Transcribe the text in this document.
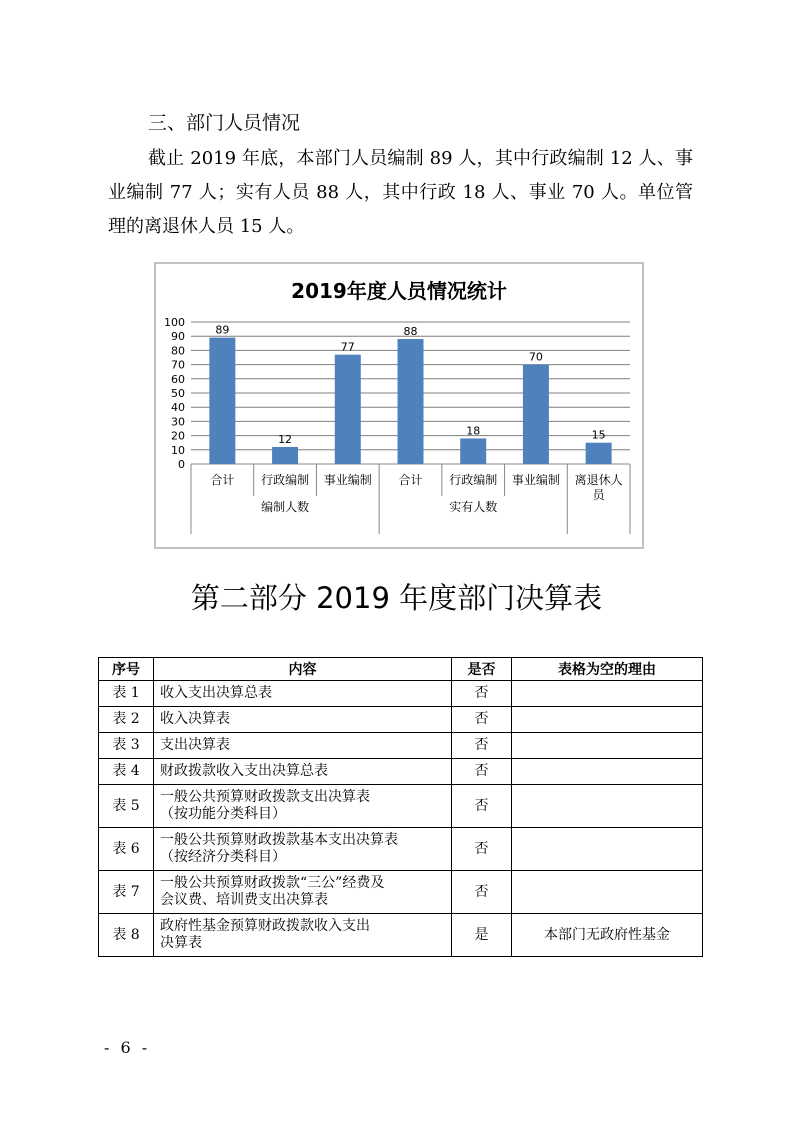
三、部门人员情况

截止 2019 年底，本部门人员编制 89 人，其中行政编制 12 人、事业编制 77 人；实有人员 88 人，其中行政 18 人、事业 70 人。单位管理的离退休人员 15 人。

2019年度人员情况统计
0
10
20
30
40
50
60
70
80
90
100
89
12
77
88
18
70
15
合计 行政编制 事业编制
编制人数
合计 行政编制 事业编制
实有人数
离退休人
员
第二部分 2019 年度部门决算表
序号	内容	是否	表格为空的理由
表 1	收入支出决算总表	否	
表 2	收入决算表	否	
表 3	支出决算表	否	
表 4	财政拨款收入支出决算总表	否	
表 5	一般公共预算财政拨款支出决算表
（按功能分类科目）	否	
表 6	一般公共预算财政拨款基本支出决算表
（按经济分类科目）	否	
表 7	一般公共预算财政拨款“三公”经费及
会议费、培训费支出决算表	否	
表 8	政府性基金预算财政拨款收入支出
决算表	是	本部门无政府性基金
- 6 -
